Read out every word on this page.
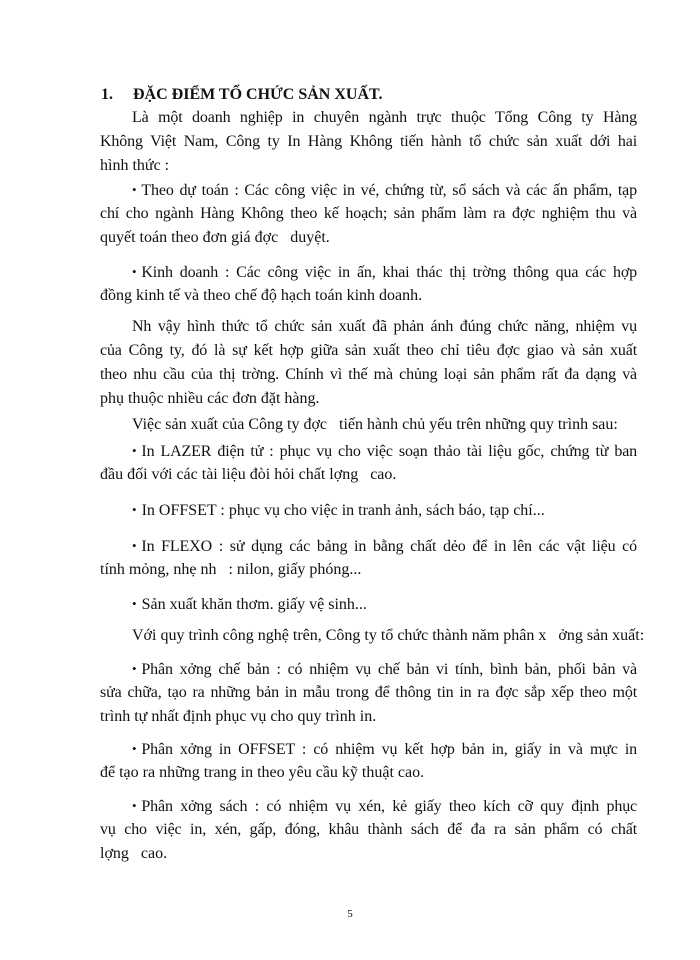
1. ĐẶC ĐIỂM TỔ CHỨC SẢN XUẤT.
Là một doanh nghiệp in chuyên ngành trực thuộc Tổng Công ty Hàng
Không Việt Nam, Công ty In Hàng Không tiến hành tổ chức sản xuất dới hai
hình thức :
•Theo dự toán : Các công việc in vé, chứng từ, sổ sách và các ấn phẩm, tạp
chí cho ngành Hàng Không theo kế hoạch; sản phẩm làm ra đợc nghiệm thu và
quyết toán theo đơn giá đợc   duyệt.
•Kinh doanh : Các công việc in ấn, khai thác thị trờng thông qua các hợp
đồng kinh tế và theo chế độ hạch toán kinh doanh.
Nh vậy hình thức tổ chức sản xuất đã phản ánh đúng chức năng, nhiệm vụ
của Công ty, đó là sự kết hợp giữa sản xuất theo chỉ tiêu đợc giao và sản xuất
theo nhu cầu của thị trờng. Chính vì thế mà chủng loại sản phẩm rất đa dạng và
phụ thuộc nhiều các đơn đặt hàng.
Việc sản xuất của Công ty đợc   tiến hành chủ yếu trên những quy trình sau:
•In LAZER điện tử : phục vụ cho việc soạn thảo tài liệu gốc, chứng từ ban
đầu đối với các tài liệu đòi hỏi chất lợng   cao.
• In OFFSET : phục vụ cho việc in tranh ảnh, sách báo, tạp chí...
•In FLEXO : sử dụng các bảng in bằng chất dẻo để in lên các vật liệu có
tính mỏng, nhẹ nh   : nilon, giấy phóng...
• Sản xuất khăn thơm. giấy vệ sinh...
Với quy trình công nghệ trên, Công ty tổ chức thành năm phân x   ởng sản xuất:
•Phân xởng chế bản : có nhiệm vụ chế bản vi tính, bình bản, phối bản và
sửa chữa, tạo ra những bản in mẫu trong để thông tin in ra đợc sắp xếp theo một
trình tự nhất định phục vụ cho quy trình in.
•Phân xởng in OFFSET : có nhiệm vụ kết hợp bản in, giấy in và mực in
để tạo ra những trang in theo yêu cầu kỹ thuật cao.
•Phân xởng sách : có nhiệm vụ xén, kẻ giấy theo kích cỡ quy định phục
vụ cho việc in, xén, gấp, đóng, khâu thành sách để đa ra sản phẩm có chất
lợng   cao.
5
